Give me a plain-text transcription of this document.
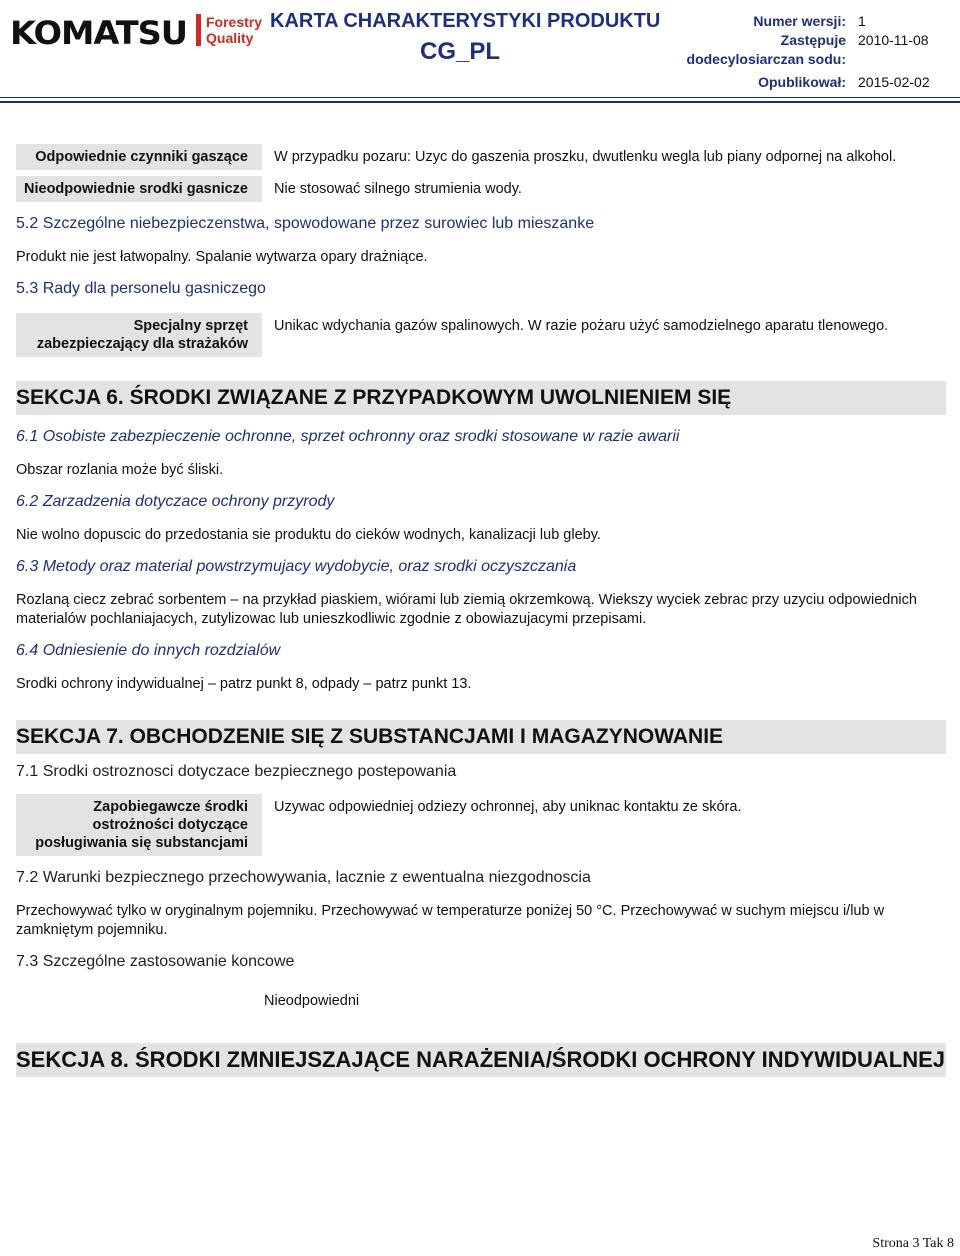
KOMATSU Forestry
Quality
KARTA CHARAKTERYSTYKI PRODUKTU
CG_PL
Numer wersji: 1
Zastępuje 2010-11-08
dodecylosiarczan sodu:
Opublikował: 2015-02-02
Odpowiednie czynniki gaszące	W przypadku pozaru: Uzyc do gaszenia proszku, dwutlenku wegla lub piany odpornej na alkohol.
Nieodpowiednie srodki gasnicze	Nie stosować silnego strumienia wody.
5.2 Szczególne niebezpieczenstwa, spowodowane przez surowiec lub mieszanke
Produkt nie jest łatwopalny. Spalanie wytwarza opary drażniące.
5.3 Rady dla personelu gasniczego
Specjalny sprzęt zabezpieczający dla strażaków
Unikac wdychania gazów spalinowych. W razie pożaru użyć samodzielnego aparatu tlenowego.
SEKCJA 6. ŚRODKI ZWIĄZANE Z PRZYPADKOWYM UWOLNIENIEM SIĘ
6.1 Osobiste zabezpieczenie ochronne, sprzet ochronny oraz srodki stosowane w razie awarii
Obszar rozlania może być śliski.
6.2 Zarzadzenia dotyczace ochrony przyrody
Nie wolno dopuscic do przedostania sie produktu do cieków wodnych, kanalizacji lub gleby.
6.3 Metody oraz material powstrzymujacy wydobycie, oraz srodki oczyszczania
Rozlaną ciecz zebrać sorbentem – na przykład piaskiem, wiórami lub ziemią okrzemkową. Wiekszy wyciek zebrac przy uzyciu odpowiednich materialów pochlaniajacych, zutylizowac lub unieszkodliwic zgodnie z obowiazujacymi przepisami.
6.4 Odniesienie do innych rozdzialów
Srodki ochrony indywidualnej – patrz punkt 8, odpady – patrz punkt 13.
SEKCJA 7. OBCHODZENIE SIĘ Z SUBSTANCJAMI I MAGAZYNOWANIE
7.1 Srodki ostroznosci dotyczace bezpiecznego postepowania
Zapobiegawcze środki ostrożności dotyczące posługiwania się substancjami
Uzywac odpowiedniej odziezy ochronnej, aby uniknac kontaktu ze skóra.
7.2 Warunki bezpiecznego przechowywania, lacznie z ewentualna niezgodnoscia
Przechowywać tylko w oryginalnym pojemniku. Przechowywać w temperaturze poniżej 50 °C. Przechowywać w suchym miejscu i/lub w zamkniętym pojemniku.
7.3 Szczególne zastosowanie koncowe
Nieodpowiedni
SEKCJA 8. ŚRODKI ZMNIEJSZAJĄCE NARAŻENIA/ŚRODKI OCHRONY INDYWIDUALNEJ
Strona 3 Tak 8
